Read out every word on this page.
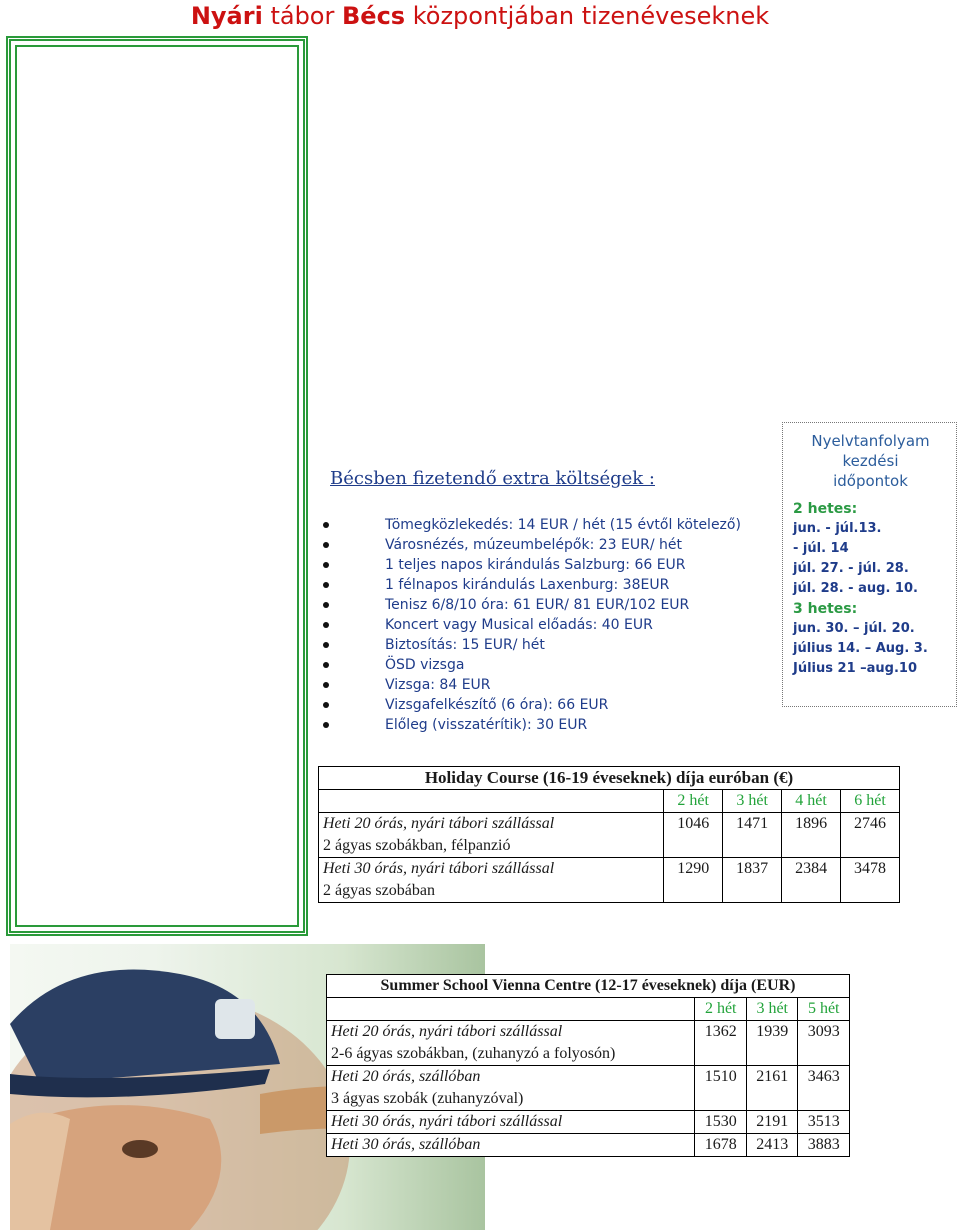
Nyári tábor Bécs központjában tizenéveseknek
Bécsben fizetendő extra költségek :
Tömegközlekedés: 14 EUR / hét (15 évtől kötelező)
Városnézés, múzeumbelépők: 23 EUR/ hét
1 teljes napos kirándulás Salzburg: 66 EUR
1 félnapos kirándulás Laxenburg: 38EUR
Tenisz 6/8/10 óra: 61 EUR/ 81 EUR/102 EUR
Koncert vagy Musical előadás: 40 EUR
Biztosítás: 15 EUR/ hét
ÖSD vizsga
Vizsga: 84 EUR
Vizsgafelkészítő (6 óra): 66 EUR
Előleg (visszatérítik): 30 EUR
Nyelvtanfolyam
kezdési
időpontok
2 hetes:
jun. - júl.13.
- júl. 14
júl. 27. - júl. 28.
júl. 28. - aug. 10.
3 hetes:
jun. 30. – júl. 20.
július 14. – Aug. 3.
Július 21 –aug.10
Holiday Course (16-19 éveseknek) díja euróban (€)				
	2 hét	3 hét	4 hét	6 hét
Heti 20 órás, nyári tábori szállással
2 ágyas szobákban, félpanzió	1046	1471	1896	2746
Heti 30 órás, nyári tábori szállással
2 ágyas szobában	1290	1837	2384	3478
Summer School Vienna Centre (12-17 éveseknek) díja (EUR)			
	2 hét	3 hét	5 hét
Heti 20 órás, nyári tábori szállással
2-6 ágyas szobákban, (zuhanyzó a folyosón)	1362	1939	3093
Heti 20 órás, szállóban
3 ágyas szobák (zuhanyzóval)	1510	2161	3463
Heti 30 órás, nyári tábori szállással	1530	2191	3513
Heti 30 órás, szállóban	1678	2413	3883
